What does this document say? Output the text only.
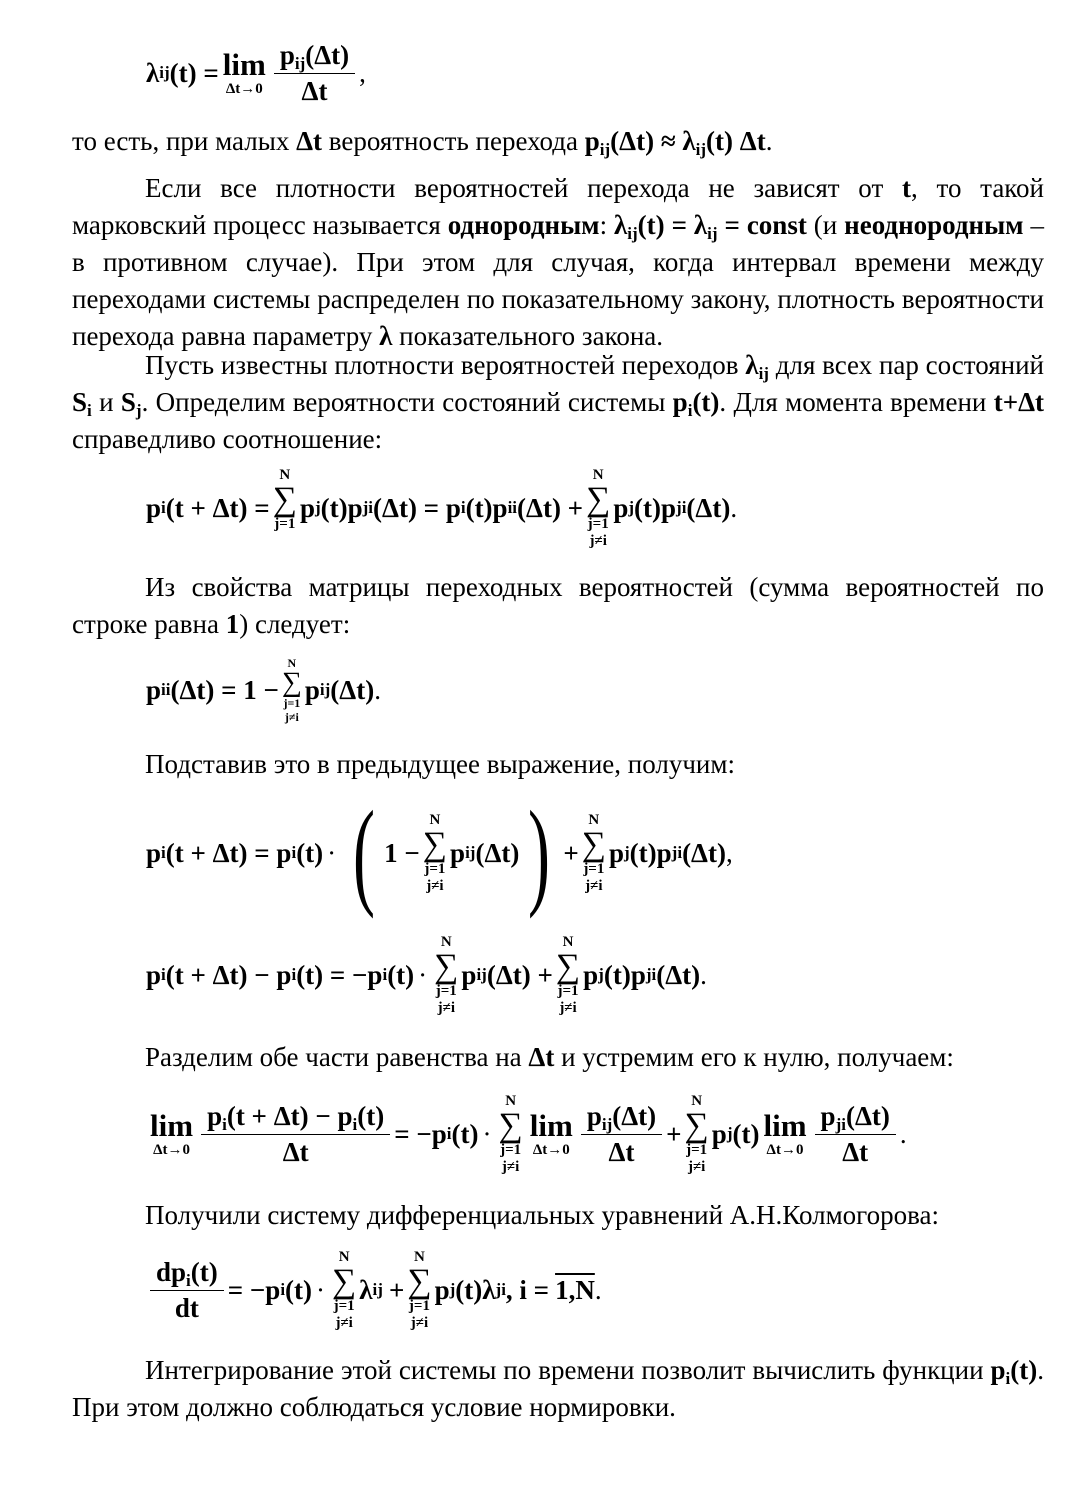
λ ij (t) = lim
$\Delta t\to 0 \frac{p_{ij}(\Delta t)}{\Delta t}$ ,

то есть, при малых Δt вероятность перехода $p_{ij}(\Delta t) \approx \lambda_{ij}(t)$ Δt.

Если все плотности вероятностей перехода не зависят от t, то такой марковский процесс называется однородным: $\lambda_{ij}(t) = \lambda_{ij}$ = const (и неоднородным – в противном случае). При этом для случая, когда интервал времени между переходами системы распределен по показательному закону, плотность вероятности перехода равна параметру λ показательного закона.

Пусть известны плотности вероятностей переходов $\lambda_{ij}$ для всех пар состояний $S_i$ и $S_j$. Определим вероятности состояний системы $p_i(t)$. Для момента времени t+Δt справедливо соотношение:

p i (t + Δt) =
N
∑
j=1

p j (t)p ji (Δt) = p i (t)p ii (Δt) +
N
∑
j=1
j≠i
p j (t)p ji (Δt) .

Из свойства матрицы переходных вероятностей (сумма вероятностей по строке равна 1) следует:

p ii (Δt) = 1 −
N
∑
j=1
j≠i
p ij (Δt) .

Подставив это в предыдущее выражение, получим:

p i (t + Δt) = p i (t) · ( 1 −
N
∑
j=1
j≠i
p ij (Δt) ) +
N
∑
j=1
j≠i
p j (t)p ji (Δt) ,
p i (t + Δt) − p i (t) = −p i (t) ·
N
∑
j=1
j≠i
p ij (Δt) +
N
∑
j=1
j≠i
p j (t)p ji (Δt) .

Разделим обе части равенства на Δt и устремим его к нулю, получаем:

lim
$\Delta t\to 0 \frac{p_i(t + \Delta t) - p_i(t)}{\Delta t} = -p$ i (t) ·
N
∑
j=1
j≠i
lim
$\Delta t\to 0 \frac{p_{ij}(\Delta t)}{\Delta t}$ +
N
∑
j=1
j≠i
p j (t) lim
$\Delta t\to 0 \frac{p_{ji}(\Delta t)}{\Delta t}$ .

Получили систему дифференциальных уравнений А.Н.Колмогорова:

$\frac{dp_i(t)}{dt} = -p$ i (t) ·
N
∑
j=1
j≠i
λ ij +
N
∑
j=1
j≠i
p j (t)λ ji , i = 1,N .

Интегрирование этой системы по времени позволит вычислить функции $p_i(t)$. При этом должно соблюдаться условие нормировки.
